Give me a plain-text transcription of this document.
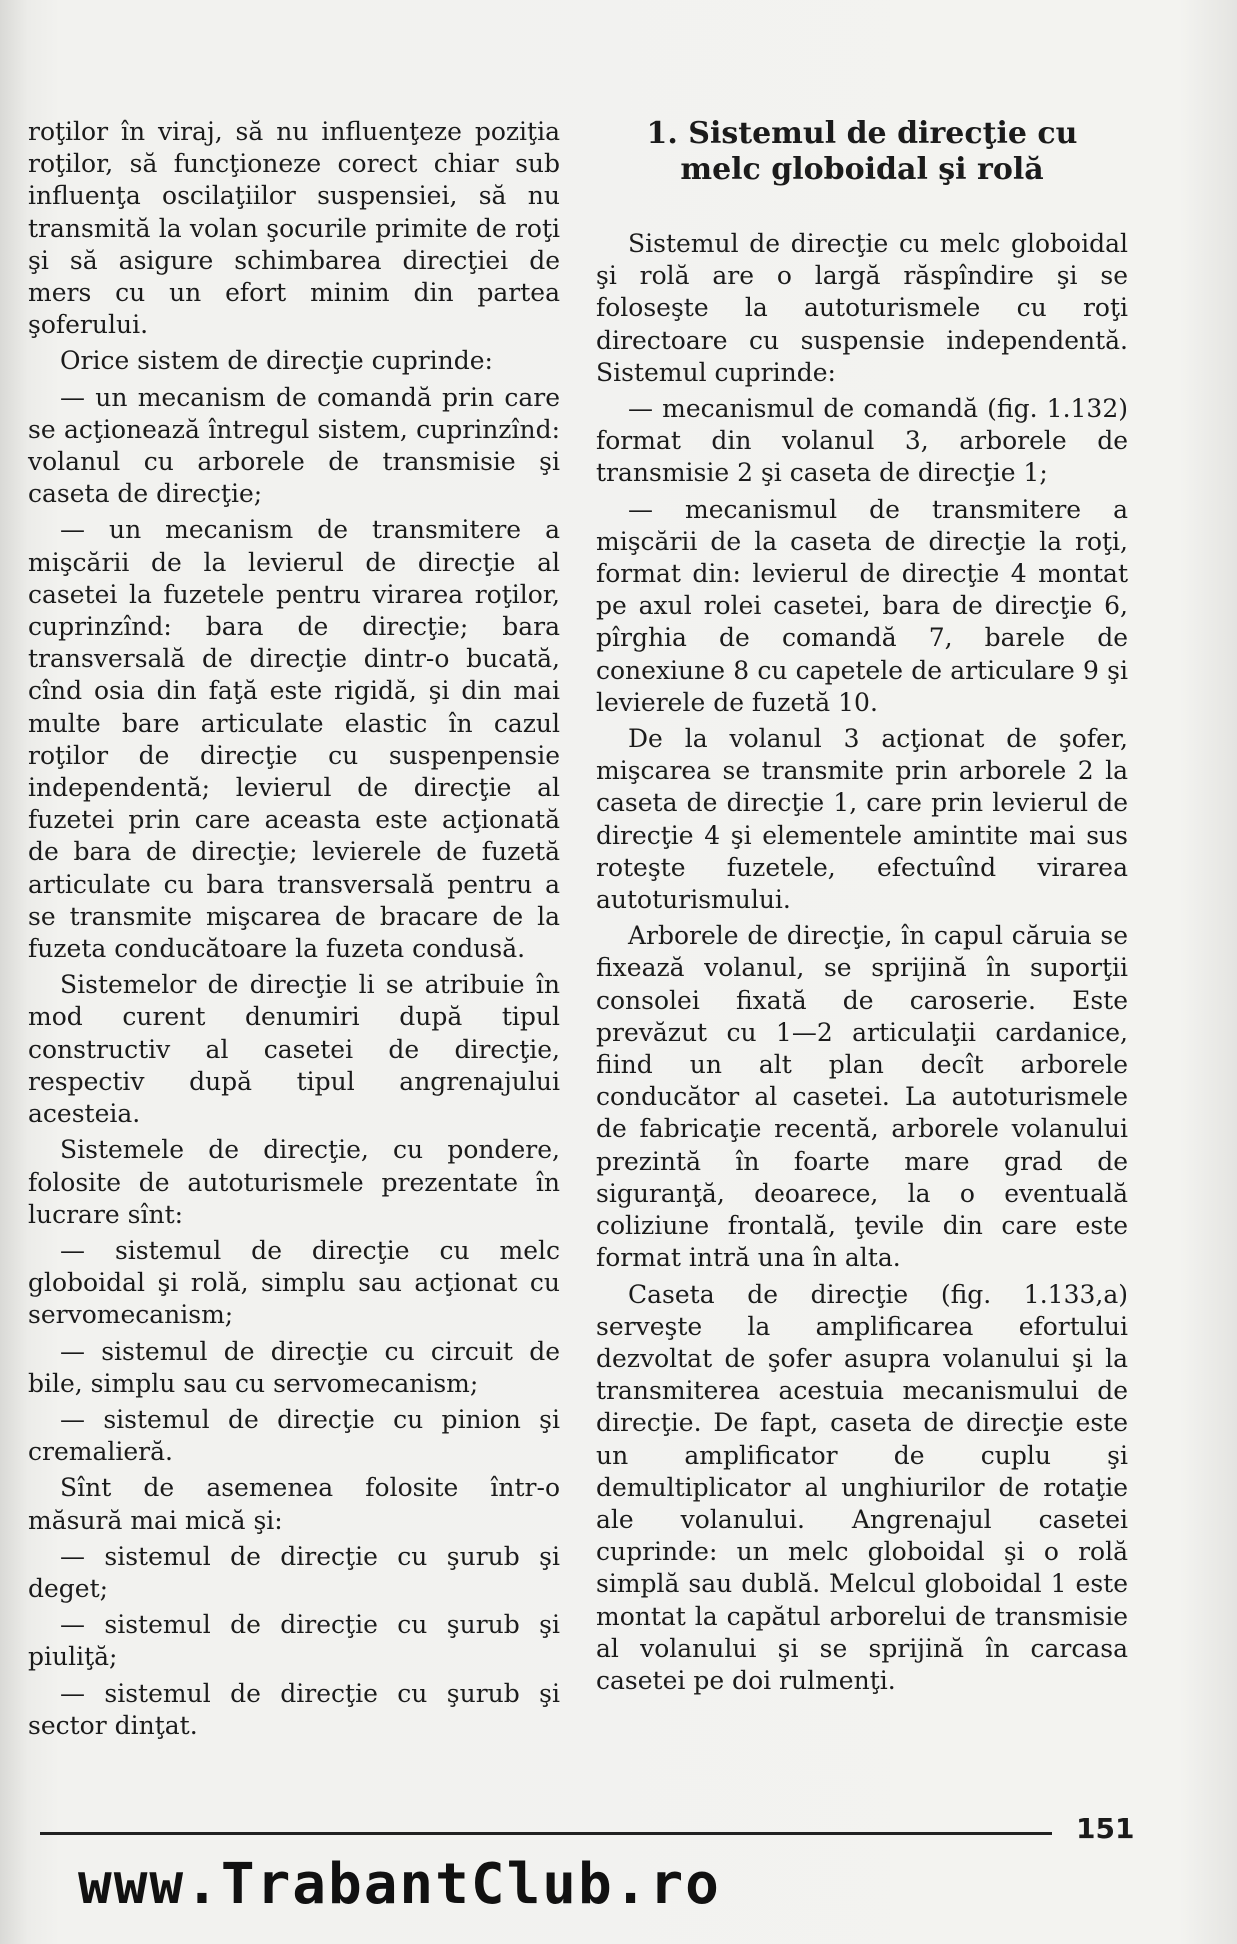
roţilor în viraj, să nu influenţeze poziţia roţilor, să funcţioneze corect chiar sub influenţa oscilaţiilor suspensiei, să nu transmită la volan şocurile primite de roţi şi să asigure schimbarea direcţiei de mers cu un efort minim din partea şoferului.

Orice sistem de direcţie cuprinde:

— un mecanism de comandă prin care se acţionează întregul sistem, cuprinzînd: volanul cu arborele de transmisie şi caseta de direcţie;

— un mecanism de transmitere a mişcării de la levierul de direcţie al casetei la fuzetele pentru virarea roţilor, cuprinzînd: bara de direcţie; bara transversală de direcţie dintr-o bucată, cînd osia din faţă este rigidă, şi din mai multe bare articulate elastic în cazul roţilor de direcţie cu suspenpensie independentă; levierul de direcţie al fuzetei prin care aceasta este acţionată de bara de direcţie; levierele de fuzetă articulate cu bara transversală pentru a se transmite mişcarea de bracare de la fuzeta conducătoare la fuzeta condusă.

Sistemelor de direcţie li se atribuie în mod curent denumiri după tipul constructiv al casetei de direcţie, respectiv după tipul angrenajului acesteia.

Sistemele de direcţie, cu pondere, folosite de autoturismele prezentate în lucrare sînt:

— sistemul de direcţie cu melc globoidal şi rolă, simplu sau acţionat cu servomecanism;

— sistemul de direcţie cu circuit de bile, simplu sau cu servomecanism;

— sistemul de direcţie cu pinion şi cremalieră.

Sînt de asemenea folosite într-o măsură mai mică şi:

— sistemul de direcţie cu şurub şi deget;

— sistemul de direcţie cu şurub şi piuliţă;

— sistemul de direcţie cu şurub şi sector dinţat.

1. Sistemul de direcţie cu
melc globoidal şi rolă

Sistemul de direcţie cu melc globoidal şi rolă are o largă răspîndire şi se foloseşte la autoturismele cu roţi directoare cu suspensie independentă. Sistemul cuprinde:

— mecanismul de comandă (fig. 1.132) format din volanul 3, arborele de transmisie 2 şi caseta de direcţie 1;

— mecanismul de transmitere a mişcării de la caseta de direcţie la roţi, format din: levierul de direcţie 4 montat pe axul rolei casetei, bara de direcţie 6, pîrghia de comandă 7, barele de conexiune 8 cu capetele de articulare 9 şi levierele de fuzetă 10.

De la volanul 3 acţionat de şofer, mişcarea se transmite prin arborele 2 la caseta de direcţie 1, care prin levierul de direcţie 4 şi elementele amintite mai sus roteşte fuzetele, efectuînd virarea autoturismului.

Arborele de direcţie, în capul căruia se fixează volanul, se sprijină în suporţii consolei fixată de caroserie. Este prevăzut cu 1—2 articulaţii cardanice, fiind un alt plan decît arborele conducător al casetei. La autoturismele de fabricaţie recentă, arborele volanului prezintă în foarte mare grad de siguranţă, deoarece, la o eventuală coliziune frontală, ţevile din care este format intră una în alta.

Caseta de direcţie (fig. 1.133,a) serveşte la amplificarea efortului dezvoltat de şofer asupra volanului şi la transmiterea acestuia mecanismului de direcţie. De fapt, caseta de direcţie este un amplificator de cuplu şi demultiplicator al unghiurilor de rotaţie ale volanului. Angrenajul casetei cuprinde: un melc globoidal şi o rolă simplă sau dublă. Melcul globoidal 1 este montat la capătul arborelui de transmisie al volanului şi se sprijină în carcasa casetei pe doi rulmenţi.

151
www.TrabantClub.ro
